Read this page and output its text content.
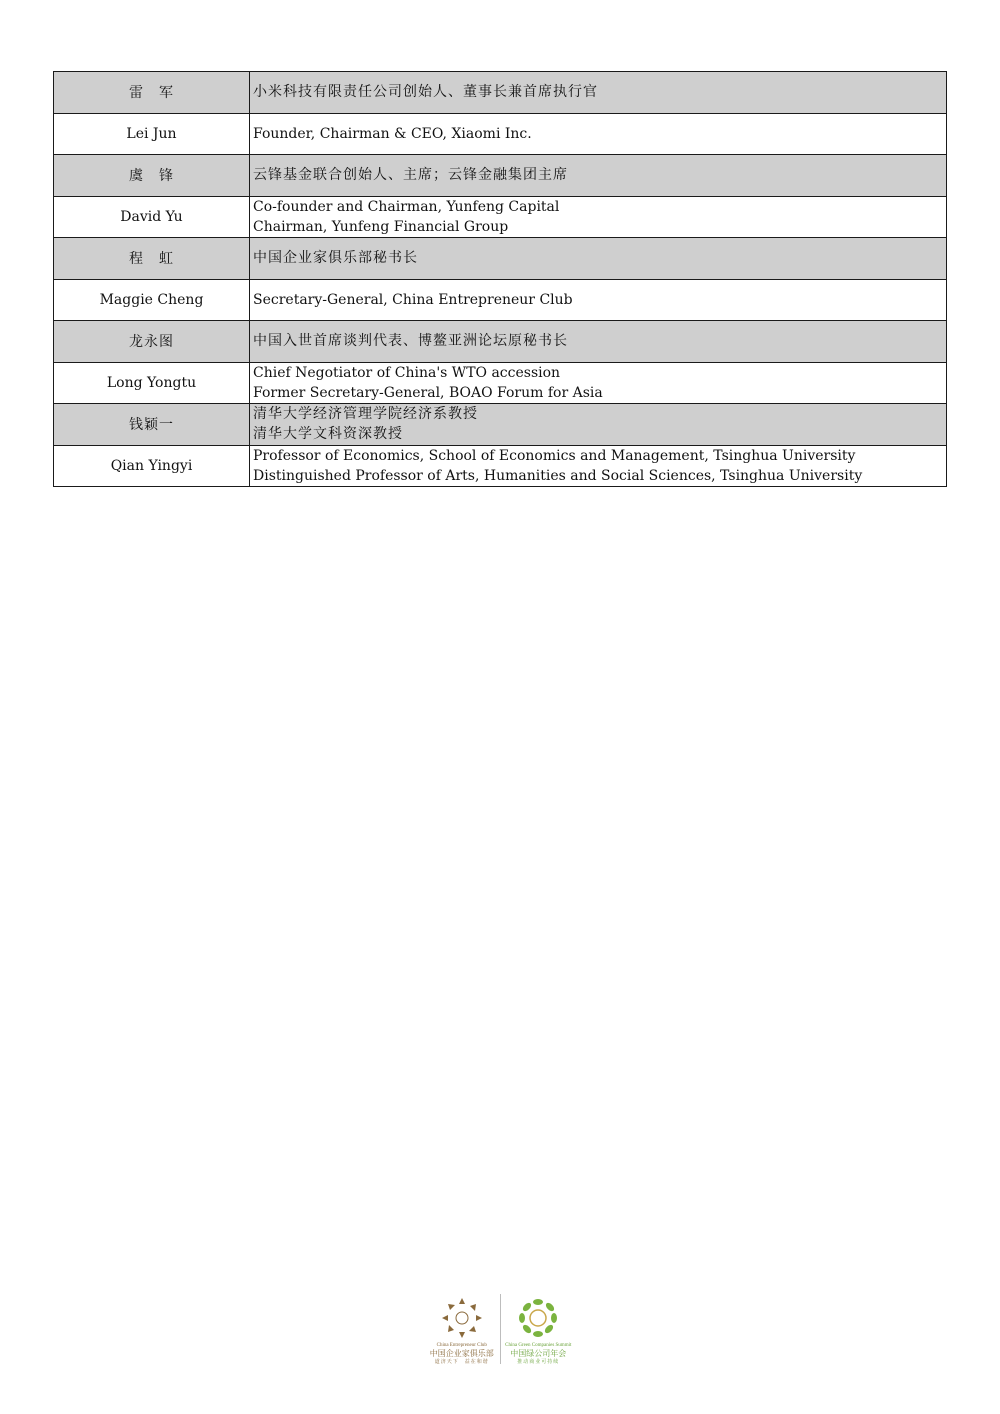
雷　军	小米科技有限责任公司创始人、董事长兼首席执行官

Lei Jun	Founder, Chairman & CEO, Xiaomi Inc.

虞　锋	云锋基金联合创始人、主席；云锋金融集团主席

David Yu	Co-founder and Chairman, Yunfeng Capital
Chairman, Yunfeng Financial Group

程　虹	中国企业家俱乐部秘书长

Maggie Cheng	Secretary-General, China Entrepreneur Club

龙永图	中国入世首席谈判代表、博鳌亚洲论坛原秘书长

Long Yongtu	Chief Negotiator of China's WTO accession
Former Secretary-General, BOAO Forum for Asia

钱颖一	清华大学经济管理学院经济系教授
清华大学文科资深教授

Qian Yingyi	Professor of Economics, School of Economics and Management, Tsinghua University
Distinguished Professor of Arts, Humanities and Social Sciences, Tsinghua University
China Entrepreneur Club
中国企业家俱乐部
道济天下　益在和谐
China Green Companies Summit
中国绿公司年会
推动商业可持续
